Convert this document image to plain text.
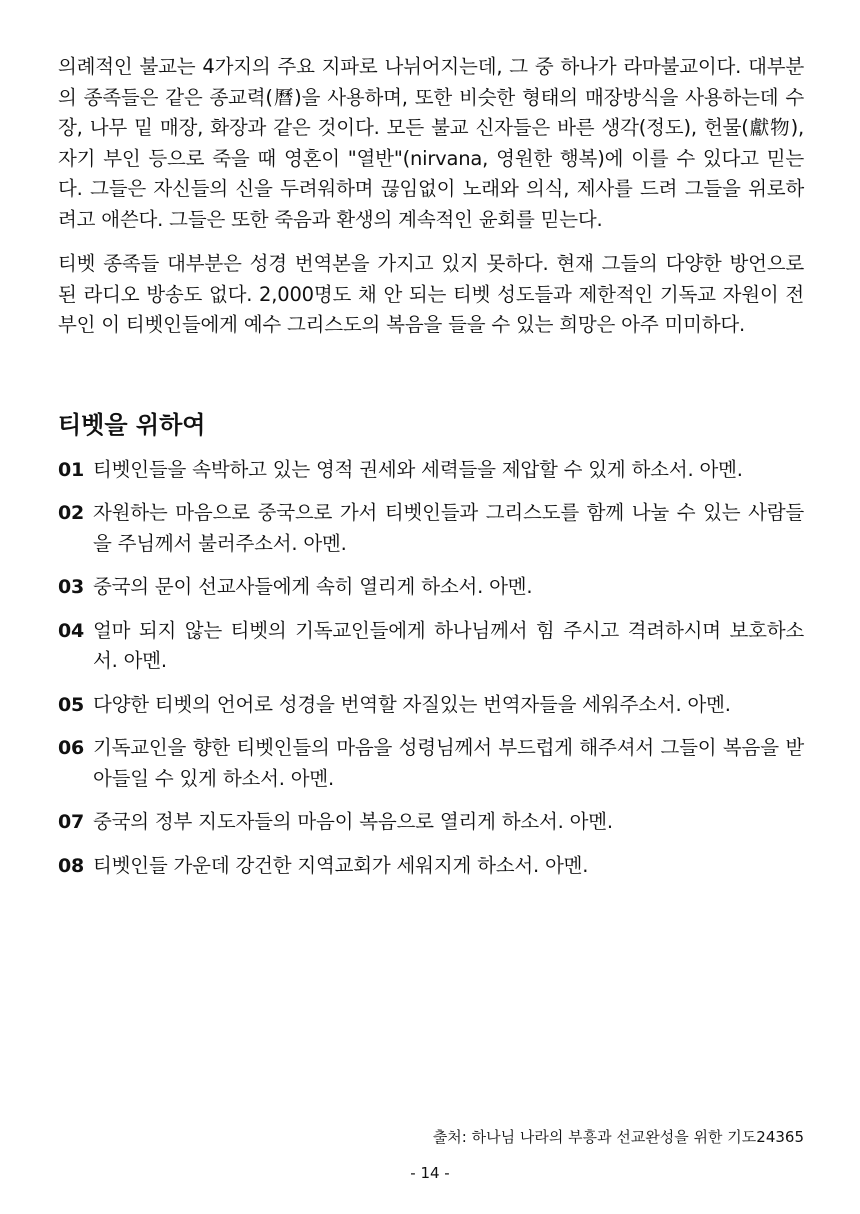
의례적인 불교는 4가지의 주요 지파로 나뉘어지는데, 그 중 하나가 라마불교이다. 대부분의 종족들은 같은 종교력(曆)을 사용하며, 또한 비슷한 형태의 매장방식을 사용하는데 수장, 나무 밑 매장, 화장과 같은 것이다. 모든 불교 신자들은 바른 생각(정도), 헌물(獻物), 자기 부인 등으로 죽을 때 영혼이 "열반"(nirvana, 영원한 행복)에 이를 수 있다고 믿는다. 그들은 자신들의 신을 두려워하며 끊임없이 노래와 의식, 제사를 드려 그들을 위로하려고 애쓴다. 그들은 또한 죽음과 환생의 계속적인 윤회를 믿는다.

티벳 종족들 대부분은 성경 번역본을 가지고 있지 못하다. 현재 그들의 다양한 방언으로 된 라디오 방송도 없다. 2,000명도 채 안 되는 티벳 성도들과 제한적인 기독교 자원이 전부인 이 티벳인들에게 예수 그리스도의 복음을 들을 수 있는 희망은 아주 미미하다.

티벳을 위하여
01 티벳인들을 속박하고 있는 영적 권세와 세력들을 제압할 수 있게 하소서. 아멘.
02 자원하는 마음으로 중국으로 가서 티벳인들과 그리스도를 함께 나눌 수 있는 사람들을 주님께서 불러주소서. 아멘.
03 중국의 문이 선교사들에게 속히 열리게 하소서. 아멘.
04 얼마 되지 않는 티벳의 기독교인들에게 하나님께서 힘 주시고 격려하시며 보호하소서. 아멘.
05 다양한 티벳의 언어로 성경을 번역할 자질있는 번역자들을 세워주소서. 아멘.
06 기독교인을 향한 티벳인들의 마음을 성령님께서 부드럽게 해주셔서 그들이 복음을 받아들일 수 있게 하소서. 아멘.
07 중국의 정부 지도자들의 마음이 복음으로 열리게 하소서. 아멘.
08 티벳인들 가운데 강건한 지역교회가 세워지게 하소서. 아멘.
출처: 하나님 나라의 부흥과 선교완성을 위한 기도24365
- 14 -
